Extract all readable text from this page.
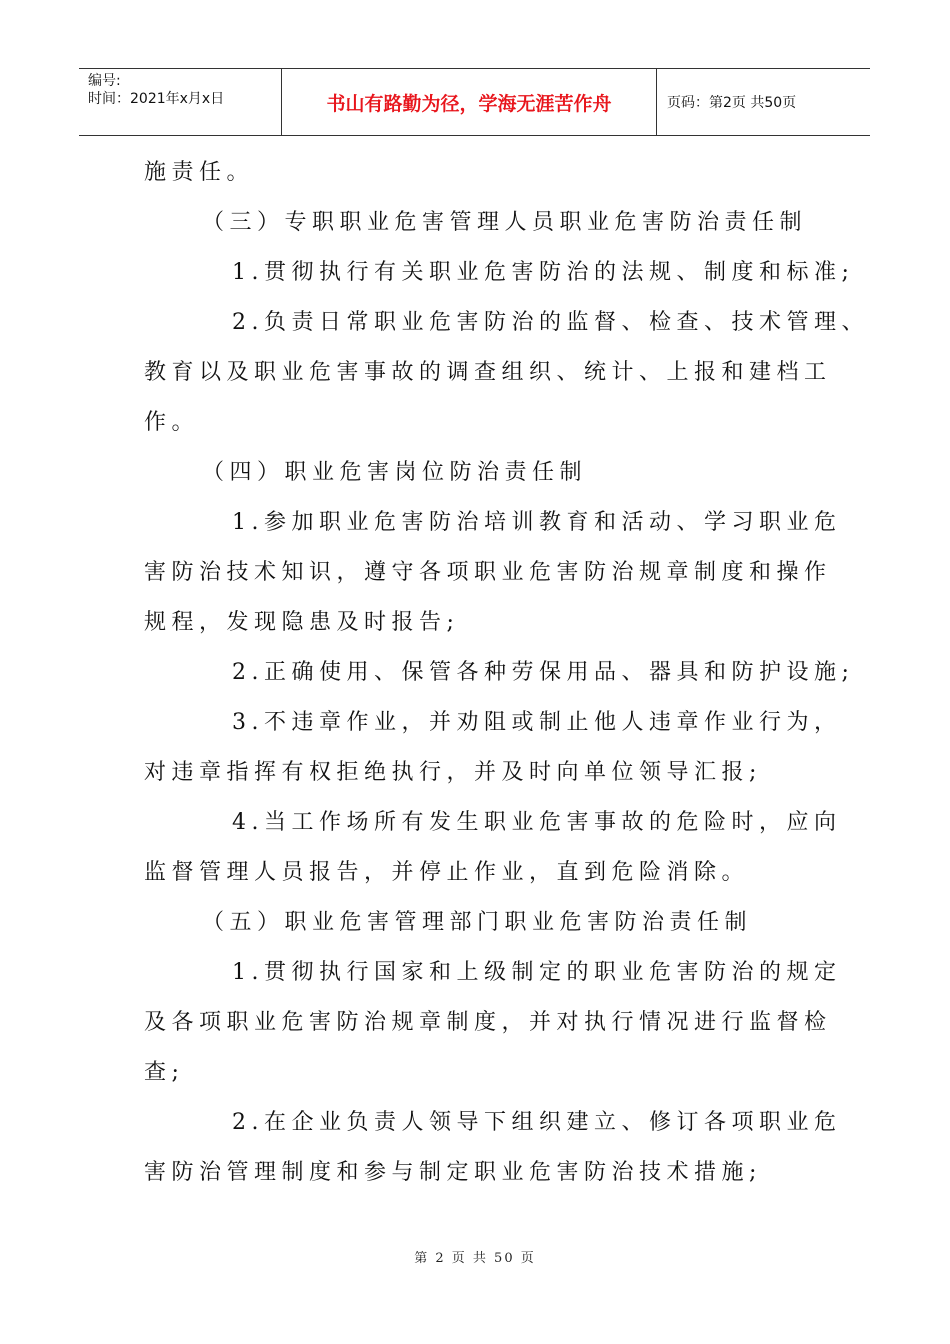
编号:
时间：2021年x月x日	书山有路勤为径，学海无涯苦作舟	页码：第2页 共50页
施责任。
（三）专职职业危害管理人员职业危害防治责任制
1.贯彻执行有关职业危害防治的法规、制度和标准;
2.负责日常职业危害防治的监督、检查、技术管理、
教育以及职业危害事故的调查组织、统计、上报和建档工
作。
（四）职业危害岗位防治责任制
1.参加职业危害防治培训教育和活动、学习职业危
害防治技术知识，遵守各项职业危害防治规章制度和操作
规程，发现隐患及时报告;
2.正确使用、保管各种劳保用品、器具和防护设施;
3.不违章作业，并劝阻或制止他人违章作业行为，
对违章指挥有权拒绝执行，并及时向单位领导汇报;
4.当工作场所有发生职业危害事故的危险时，应向
监督管理人员报告，并停止作业，直到危险消除。
（五）职业危害管理部门职业危害防治责任制
1.贯彻执行国家和上级制定的职业危害防治的规定
及各项职业危害防治规章制度，并对执行情况进行监督检
查;
2.在企业负责人领导下组织建立、修订各项职业危
害防治管理制度和参与制定职业危害防治技术措施;
第 2 页 共 50 页
